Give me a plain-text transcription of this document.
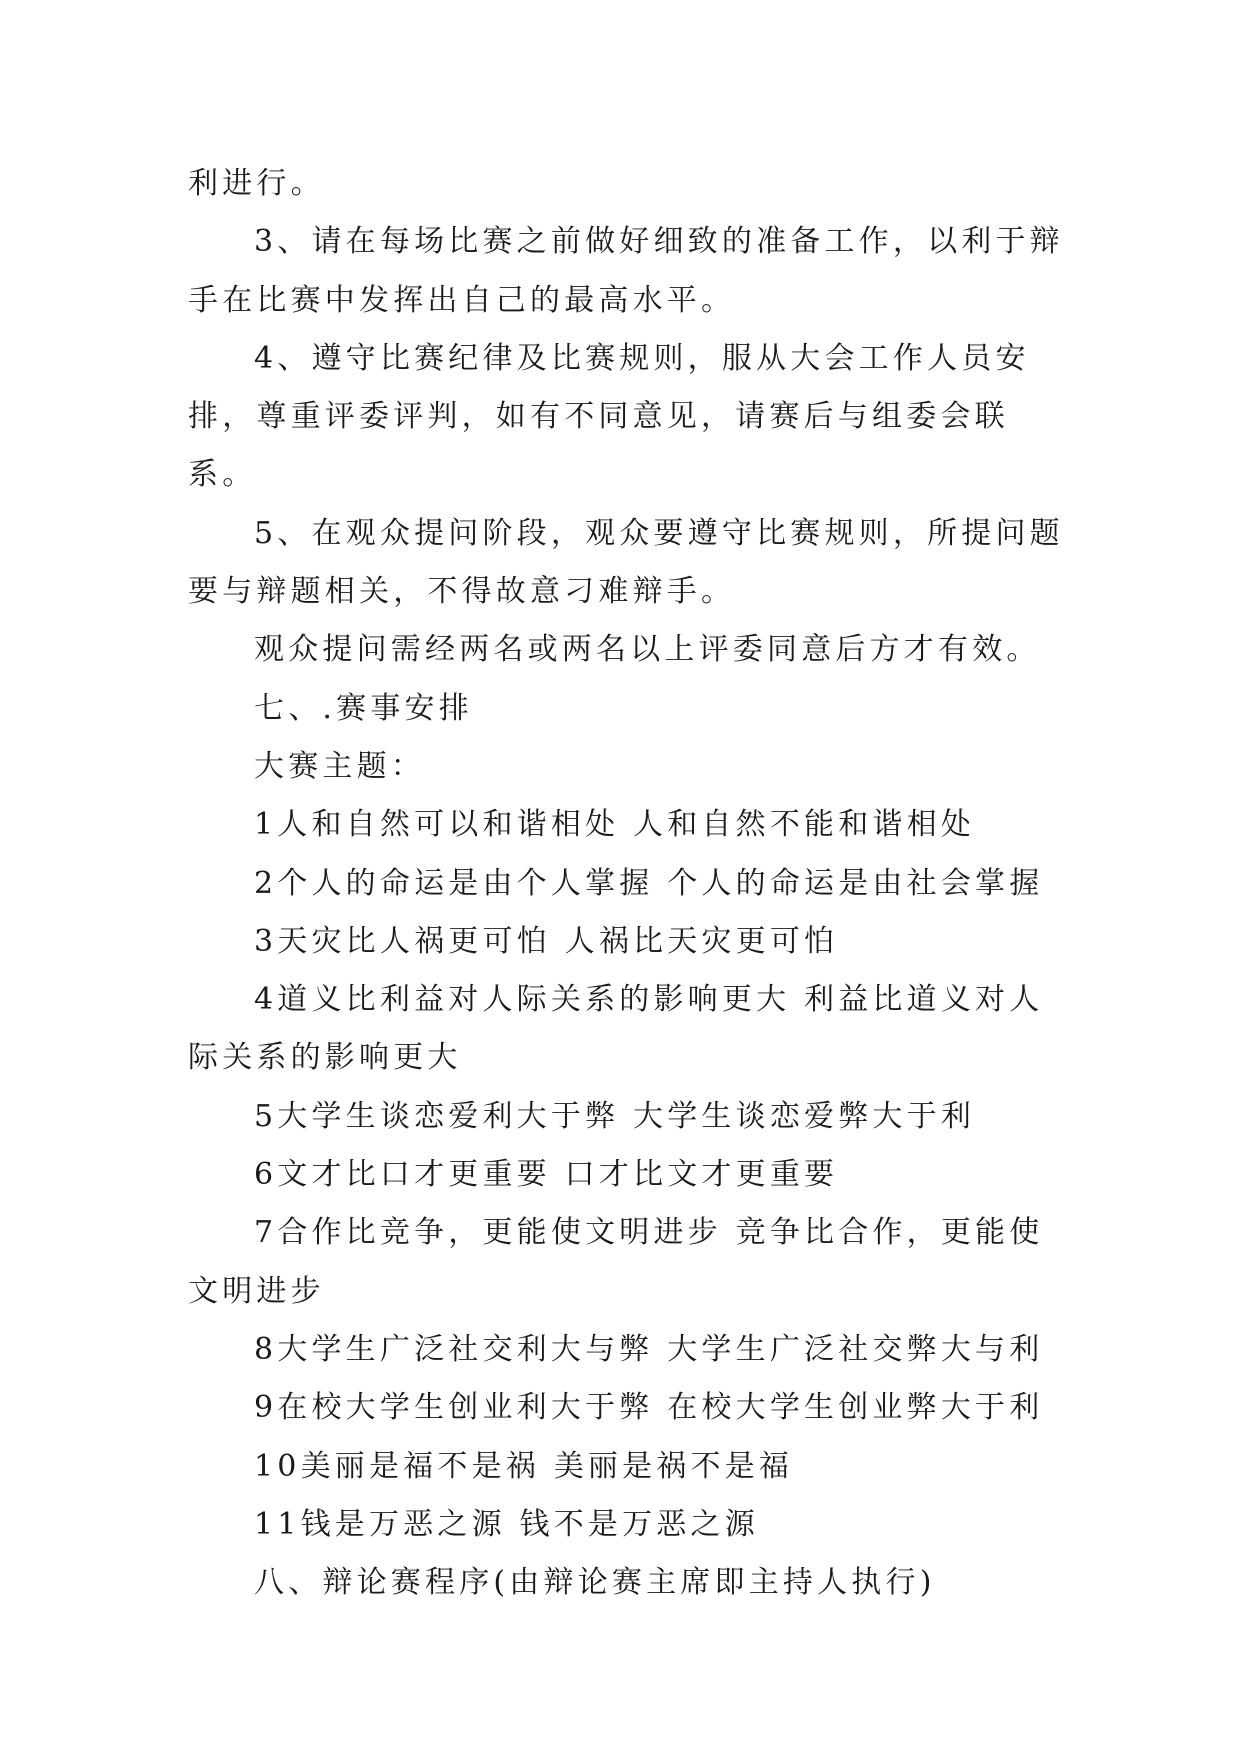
利进行。

3、请在每场比赛之前做好细致的准备工作，以利于辩手在比赛中发挥出自己的最高水平。

4、遵守比赛纪律及比赛规则，服从大会工作人员安排，尊重评委评判，如有不同意见，请赛后与组委会联系。

5、在观众提问阶段，观众要遵守比赛规则，所提问题要与辩题相关，不得故意刁难辩手。

观众提问需经两名或两名以上评委同意后方才有效。

七、.赛事安排

大赛主题：

1人和自然可以和谐相处 人和自然不能和谐相处

2个人的命运是由个人掌握 个人的命运是由社会掌握

3天灾比人祸更可怕 人祸比天灾更可怕

4道义比利益对人际关系的影响更大 利益比道义对人际关系的影响更大

5大学生谈恋爱利大于弊 大学生谈恋爱弊大于利

6文才比口才更重要 口才比文才更重要

7合作比竞争，更能使文明进步 竞争比合作，更能使文明进步

8大学生广泛社交利大与弊 大学生广泛社交弊大与利

9在校大学生创业利大于弊 在校大学生创业弊大于利

10美丽是福不是祸 美丽是祸不是福

11钱是万恶之源 钱不是万恶之源

八、辩论赛程序(由辩论赛主席即主持人执行)
